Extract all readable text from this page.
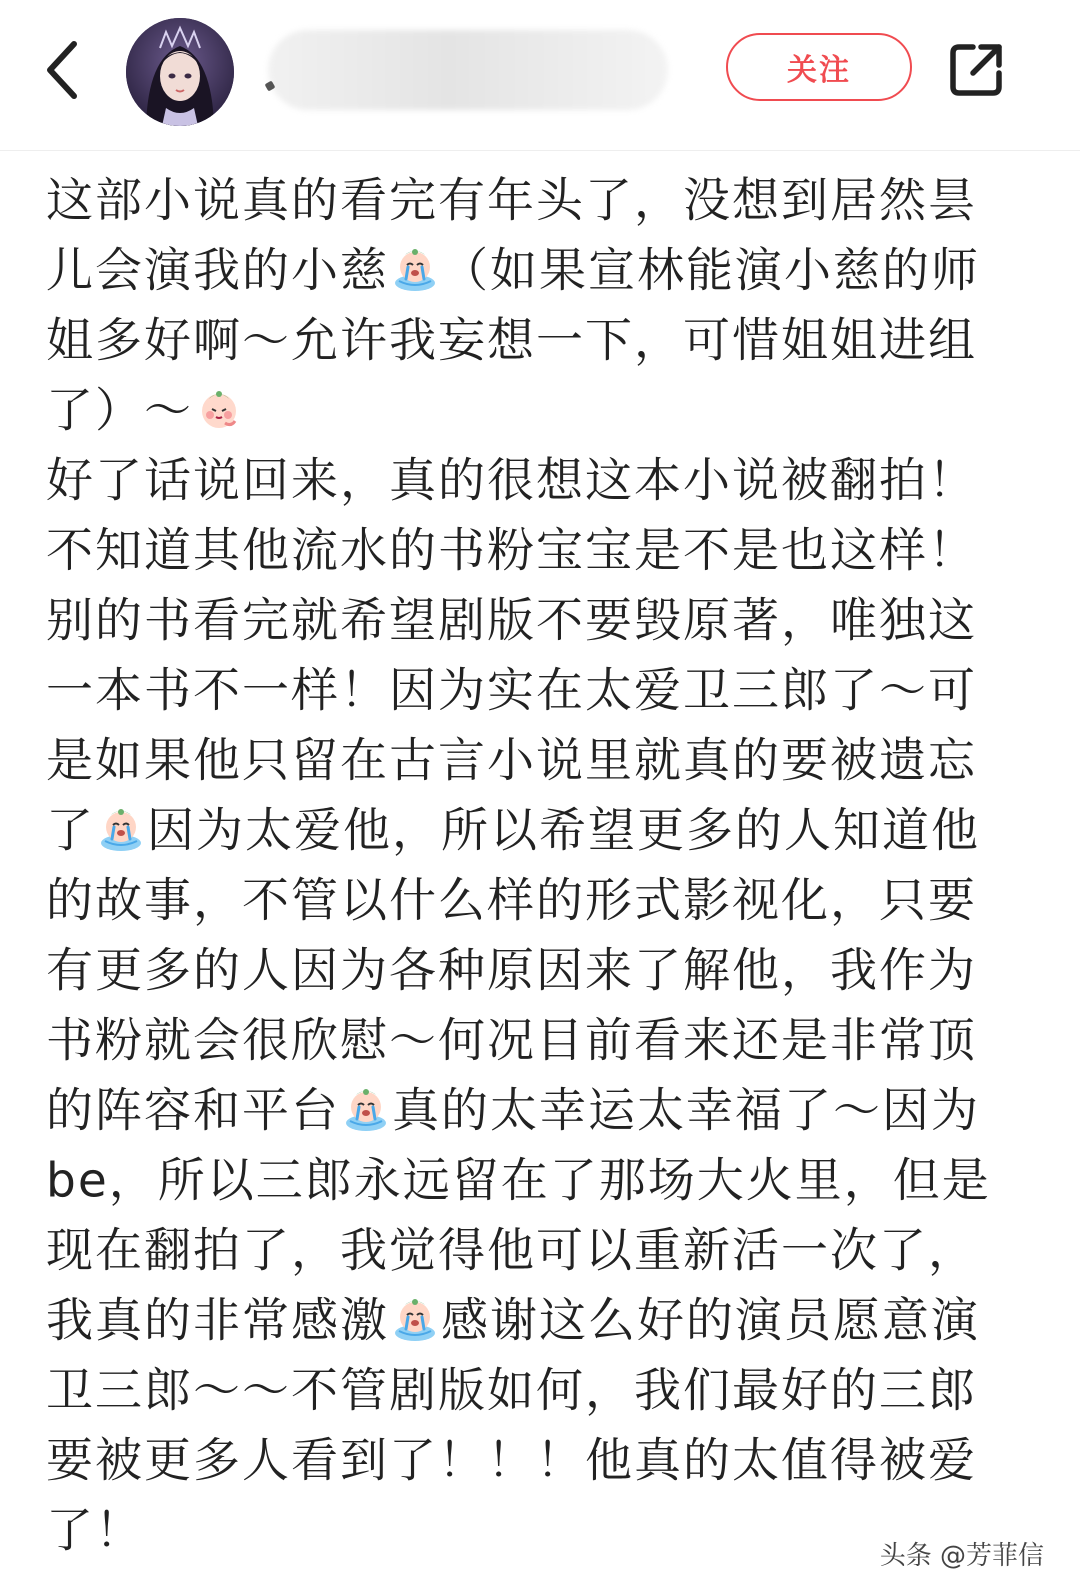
关注
这部小说真的看完有年头了，没想到居然昙
儿会演我的小慈 （如果宣林能演小慈的师
姐多好啊～允许我妄想一下，可惜姐姐进组
了）～
好了话说回来，真的很想这本小说被翻拍！
不知道其他流水的书粉宝宝是不是也这样！
别的书看完就希望剧版不要毁原著，唯独这
一本书不一样！因为实在太爱卫三郎了～可
是如果他只留在古言小说里就真的要被遗忘
了 因为太爱他，所以希望更多的人知道他
的故事，不管以什么样的形式影视化，只要
有更多的人因为各种原因来了解他，我作为
书粉就会很欣慰～何况目前看来还是非常顶
的阵容和平台 真的太幸运太幸福了～因为
be，所以三郎永远留在了那场大火里，但是
现在翻拍了，我觉得他可以重新活一次了，
我真的非常感激 感谢这么好的演员愿意演
卫三郎～～不管剧版如何，我们最好的三郎
要被更多人看到了！！！他真的太值得被爱
了！	头条 @芳菲信
